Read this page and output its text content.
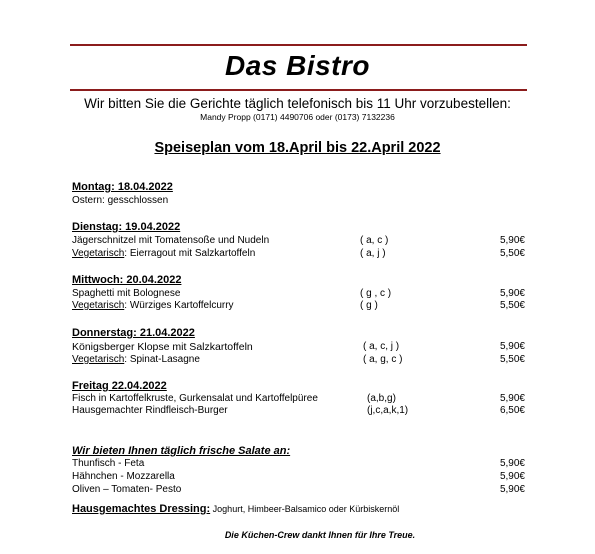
Das Bistro
Wir bitten Sie die Gerichte täglich telefonisch bis 11 Uhr vorzubestellen:
Mandy Propp (0171) 4490706 oder (0173) 7132236
Speiseplan vom 18.April bis 22.April 2022
Montag: 18.04.2022
Ostern: gesschlossen
Dienstag: 19.04.2022
Jägerschnitzel mit Tomatensoße und Nudeln	( a, c )	5,90€
Vegetarisch: Eierragout mit Salzkartoffeln	( a, j )	5,50€
Mittwoch: 20.04.2022
Spaghetti mit Bolognese	( g , c )	5,90€
Vegetarisch: Würziges Kartoffelcurry	( g )	5,50€
Donnerstag: 21.04.2022
Königsberger Klopse mit Salzkartoffeln	( a, c, j )	5,90€
Vegetarisch: Spinat-Lasagne	( a, g, c )	5,50€
Freitag 22.04.2022
Fisch in Kartoffelkruste, Gurkensalat und Kartoffelpüree	(a,b,g)	5,90€
Hausgemachter Rindfleisch-Burger	(j,c,a,k,1)	6,50€
Wir bieten Ihnen täglich frische Salate an:
Thunfisch - Feta	5,90€
Hähnchen - Mozzarella	5,90€
Oliven – Tomaten- Pesto	5,90€
Hausgemachtes Dressing: Joghurt, Himbeer-Balsamico oder Kürbiskernöl
Die Küchen-Crew dankt Ihnen für Ihre Treue.
